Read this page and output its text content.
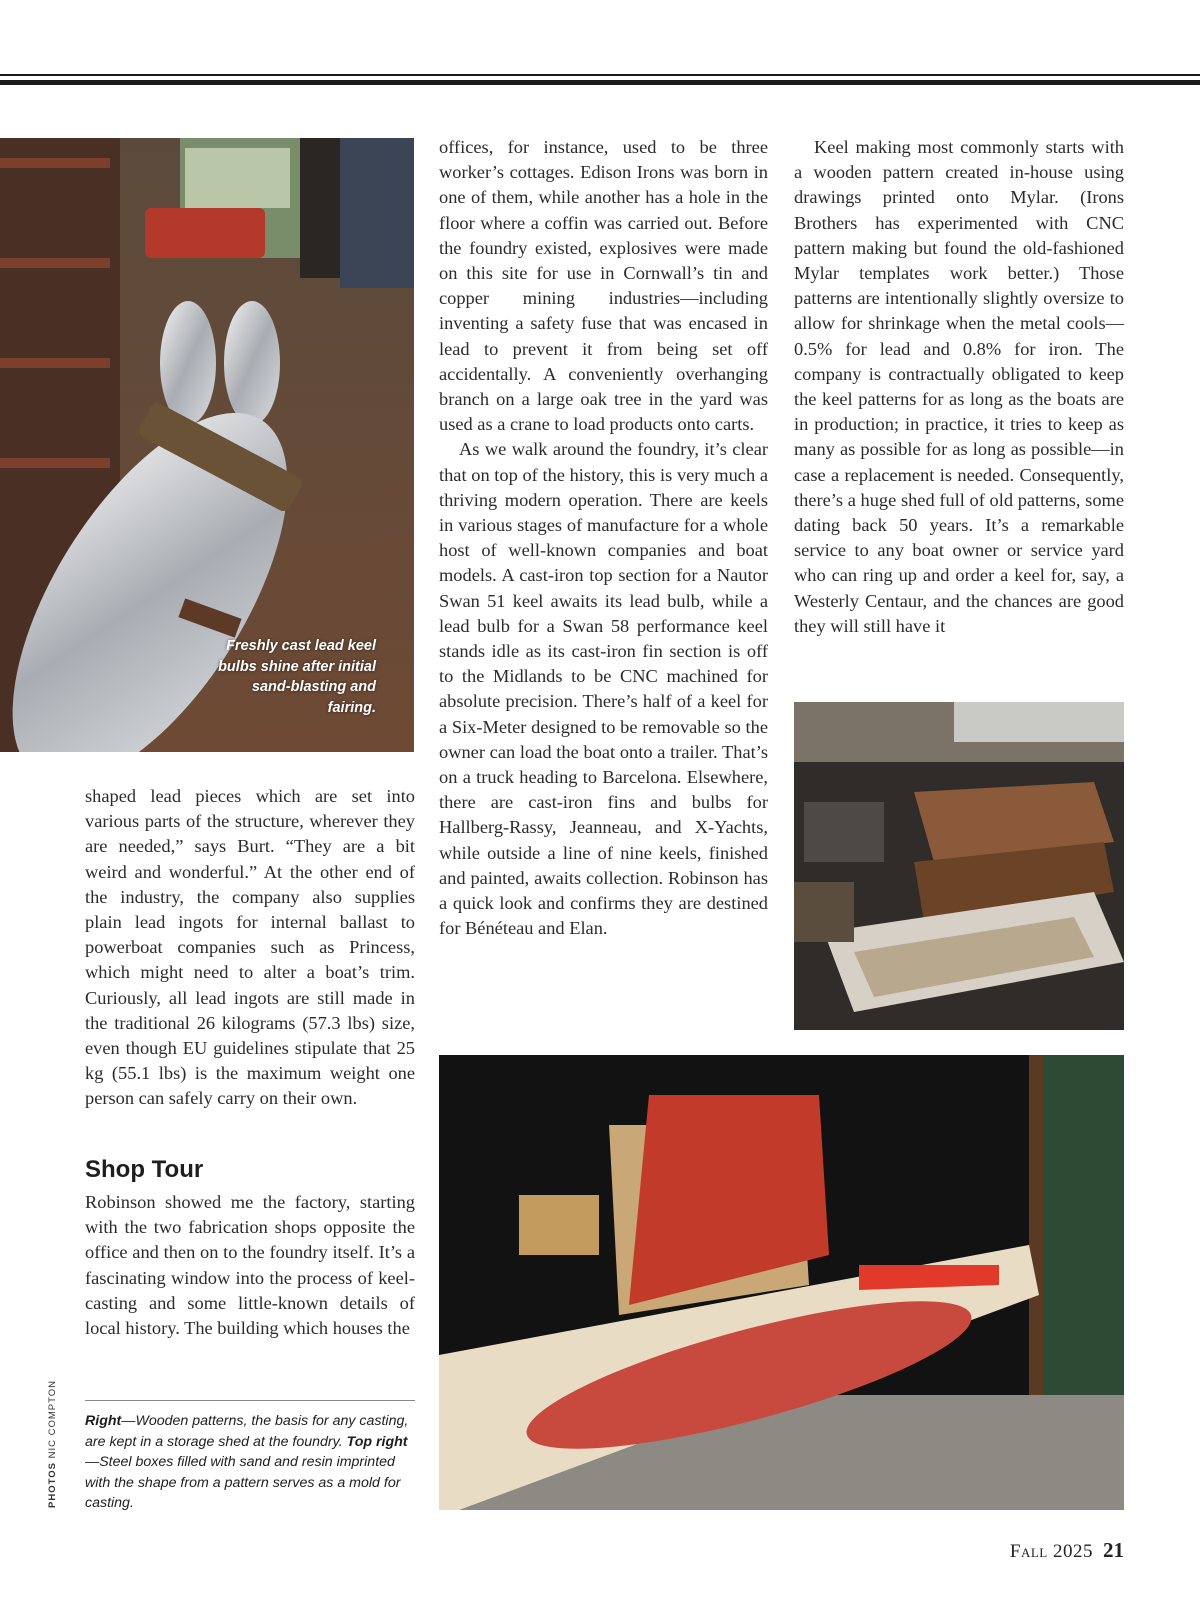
Freshly cast lead keel bulbs shine after initial sand-blasting and fairing.

shaped lead pieces which are set into various parts of the structure, wherever they are needed,” says Burt. “They are a bit weird and wonderful.” At the other end of the industry, the company also supplies plain lead ingots for internal ballast to powerboat companies such as Princess, which might need to alter a boat’s trim. Curiously, all lead ingots are still made in the traditional 26 kilograms (57.3 lbs) size, even though EU guidelines stipulate that 25 kg (55.1 lbs) is the maximum weight one person can safely carry on their own.

Shop Tour

Robinson showed me the factory, starting with the two fabrication shops opposite the office and then on to the foundry itself. It’s a fascinating window into the process of keel-casting and some little-known details of local history. The building which houses the

offices, for instance, used to be three worker’s cottages. Edison Irons was born in one of them, while another has a hole in the floor where a coffin was carried out. Before the foundry existed, explosives were made on this site for use in Cornwall’s tin and copper mining industries—including inventing a safety fuse that was encased in lead to prevent it from being set off accidentally. A conveniently overhanging branch on a large oak tree in the yard was used as a crane to load products onto carts.

As we walk around the foundry, it’s clear that on top of the history, this is very much a thriving modern operation. There are keels in various stages of manufacture for a whole host of well-known companies and boat models. A cast-iron top section for a Nautor Swan 51 keel awaits its lead bulb, while a lead bulb for a Swan 58 performance keel stands idle as its cast-iron fin section is off to the Midlands to be CNC machined for absolute precision. There’s half of a keel for a Six-Meter designed to be removable so the owner can load the boat onto a trailer. That’s on a truck heading to Barcelona. Elsewhere, there are cast-iron fins and bulbs for Hallberg-Rassy, Jeanneau, and X-Yachts, while outside a line of nine keels, finished and painted, awaits collection. Robinson has a quick look and confirms they are destined for Bénéteau and Elan.

Keel making most commonly starts with a wooden pattern created in-house using drawings printed onto Mylar. (Irons Brothers has experimented with CNC pattern making but found the old-fashioned Mylar templates work better.) Those patterns are intentionally slightly oversize to allow for shrinkage when the metal cools—0.5% for lead and 0.8% for iron. The company is contractually obligated to keep the keel patterns for as long as the boats are in production; in practice, it tries to keep as many as possible for as long as possible—in case a replacement is needed. Consequently, there’s a huge shed full of old patterns, some dating back 50 years. It’s a remarkable service to any boat owner or service yard who can ring up and order a keel for, say, a Westerly Centaur, and the chances are good they will still have it

Right—Wooden patterns, the basis for any casting, are kept in a storage shed at the foundry. Top right—Steel boxes filled with sand and resin imprinted with the shape from a pattern serves as a mold for casting.
PHOTOS NIC COMPTON
Fall 2025 21
